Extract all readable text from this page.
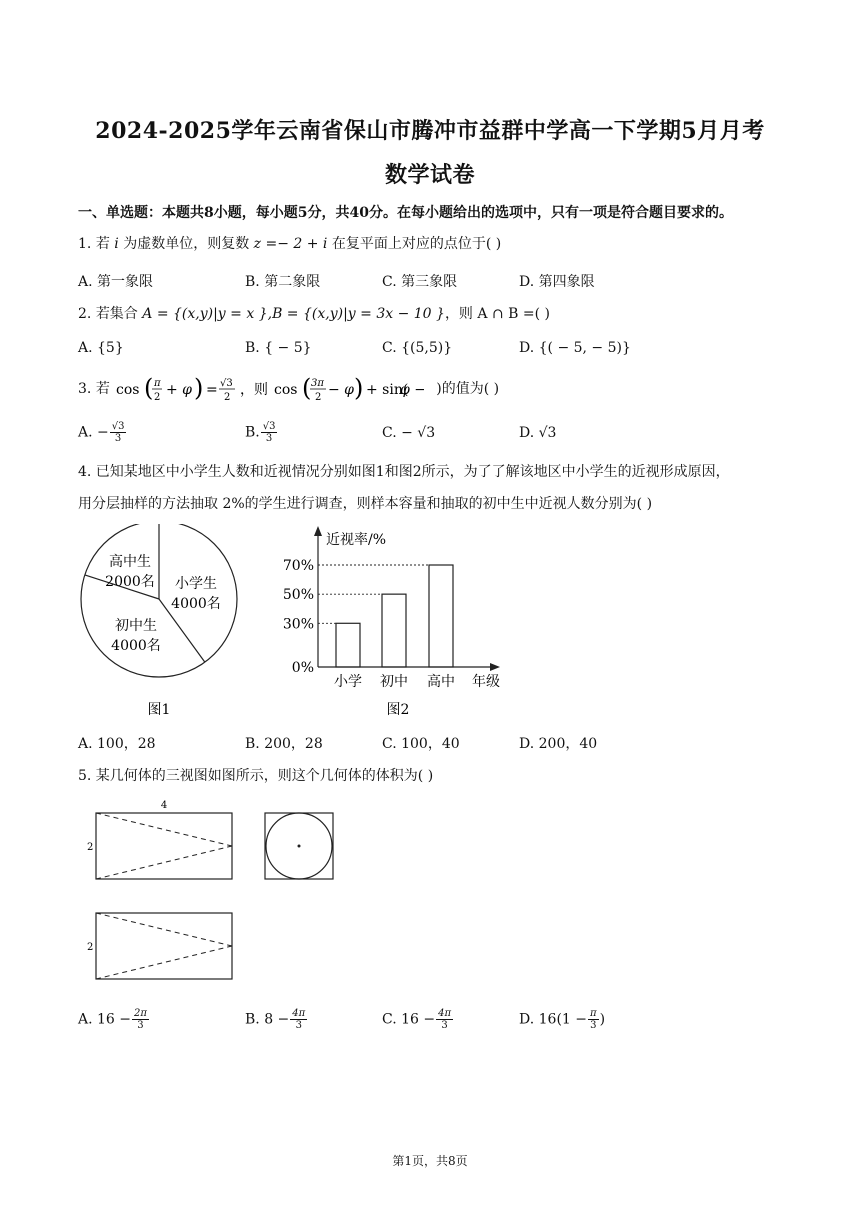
2024-2025学年云南省保山市腾冲市益群中学高一下学期5月月考
数学试卷
一、单选题：本题共8小题，每小题5分，共40分。在每小题给出的选项中，只有一项是符合题目要求的。
1. 若 i 为虚数单位，则复数 z =− 2 + i 在复平面上对应的点位于( )
A. 第一象限	B. 第二象限	C. 第三象限	D. 第四象限
2. 若集合 A = {(x,y)|y = x },B = {(x,y)|y = 3x − 10 }，则 A ∩ B =( )
A. {5}	B. { − 5}	C. {(5,5)}	D. {( − 5, − 5)}
3. 若 cos ( π
2 + φ ) = √3
2 ，则 cos ( 3π
2 − φ ) + sin(
φ	)的值为( )
A. − $\frac{√3}{3}$	B. $\frac{√3}{3}$	C. − √3	D. √3
4. 已知某地区中小学生人数和近视情况分别如图1和图2所示，为了了解该地区中小学生的近视形成原因，
用分层抽样的方法抽取 2%的学生进行调查，则样本容量和抽取的初中生中近视人数分别为( )
小学生
4000名
初中生
4000名
高中生
2000名
图1
近视率/%
年级
0%
30%
50%
70%
小学 初中 高中
图2
A. 100，28	B. 200，28	C. 100，40	D. 200，40
5. 某几何体的三视图如图所示，则这个几何体的体积为( )
4
2
2
A. $16 - \frac{2\pi}{3}$	B. $8 - \frac{4\pi}{3}$	C. $16 - \frac{4\pi}{3}$	D. $16(1 - \frac{\pi}{3}$ )
第1页，共8页
